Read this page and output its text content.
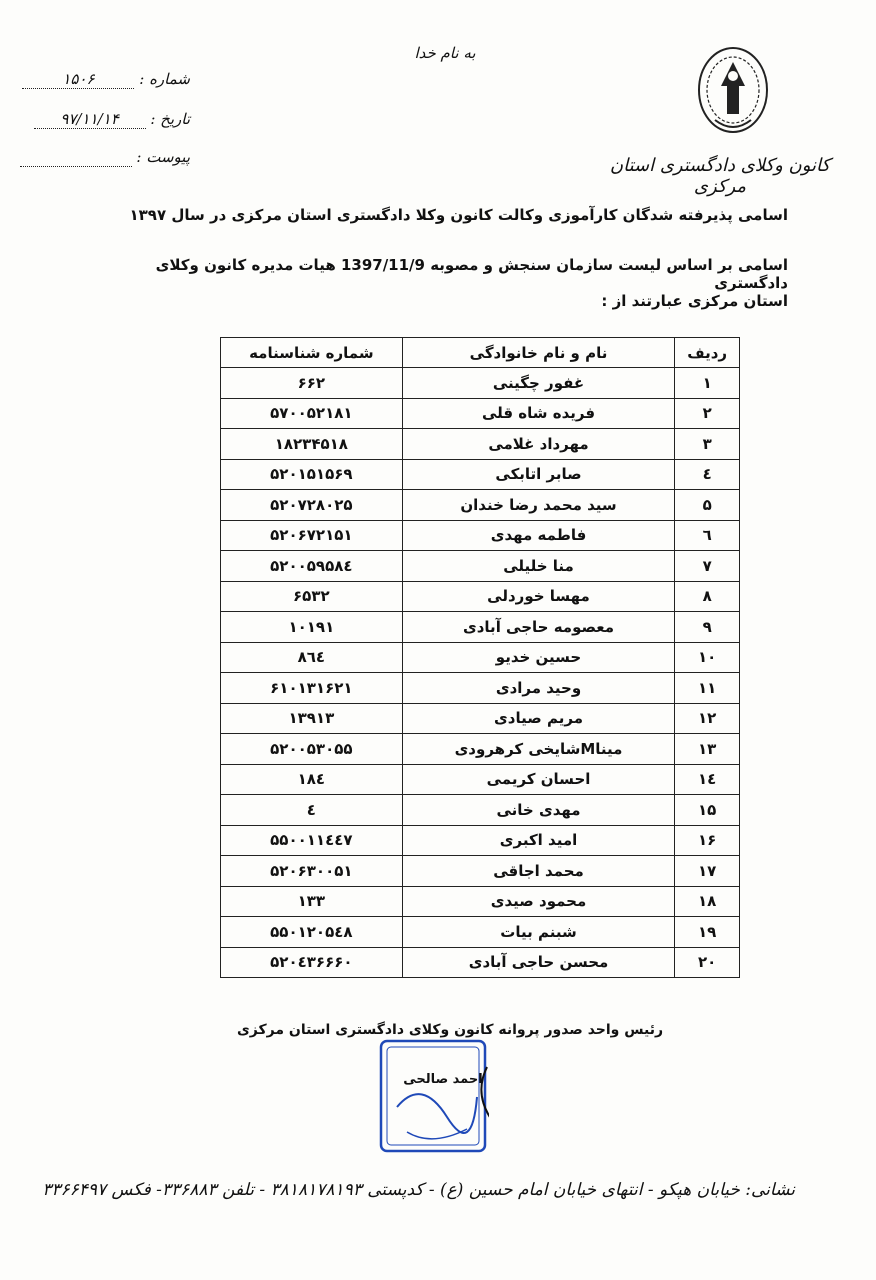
به نام خدا
کانون وکلای دادگستری استان مرکزی
شماره : ۱۵۰۶
تاریخ : ۹۷/۱۱/۱۴
پیوست :
اسامی پذیرفته شدگان کارآموزی وکالت کانون وکلا دادگستری استان مرکزی در سال ۱۳۹۷
اسامی بر اساس لیست سازمان سنجش و مصوبه 1397/11/9 هیات مدیره کانون وکلای دادگستری
استان مرکزی عبارتند از :
ردیف	نام و نام خانوادگی	شماره شناسنامه
۱	غفور چگینی	۶۶۲
۲	فریده شاه قلی	۵۷۰۰۵۲۱۸۱
۳	مهرداد غلامی	۱۸۲۳۴۵۱۸
٤	صابر اتابکی	۵۲۰۱۵۱۵۶۹
۵	سید محمد رضا خندان	۵۲۰۷۲۸۰۲۵
٦	فاطمه مهدی	۵۲۰۶۷۲۱۵۱
۷	منا خلیلی	۵۲۰۰۵۹۵۸٤
۸	مهسا خوردلی	۶۵۳۲
۹	معصومه حاجی آبادی	۱۰۱۹۱
۱۰	حسین خدیو	۸٦٤
۱۱	وحید مرادی	۶۱۰۱۳۱۶۲۱
۱۲	مریم صیادی	۱۳۹۱۳
۱۳	میناMشایخی کرهرودی	۵۲۰۰۵۳۰۵۵
۱٤	احسان کریمی	۱۸٤
۱۵	مهدی خانی	٤
۱۶	امید اکبری	۵۵۰۰۱۱٤٤۷
۱۷	محمد اجاقی	۵۲۰۶۳۰۰۵۱
۱۸	محمود صیدی	۱۳۳
۱۹	شبنم بیات	۵۵۰۱۲۰۵٤۸
۲۰	محسن حاجی آبادی	۵۲۰٤۳۶۶۶۰
رئیس واحد صدور پروانه کانون وکلای دادگستری استان مرکزی
احمد صالحی
نشانی: خیابان هپکو - انتهای خیابان امام حسین (ع) - کدپستی ۳۸۱۸۱۷۸۱۹۳ - تلفن ۳۳۶۸۸۳- فکس ۳۳۶۶۴۹۷
